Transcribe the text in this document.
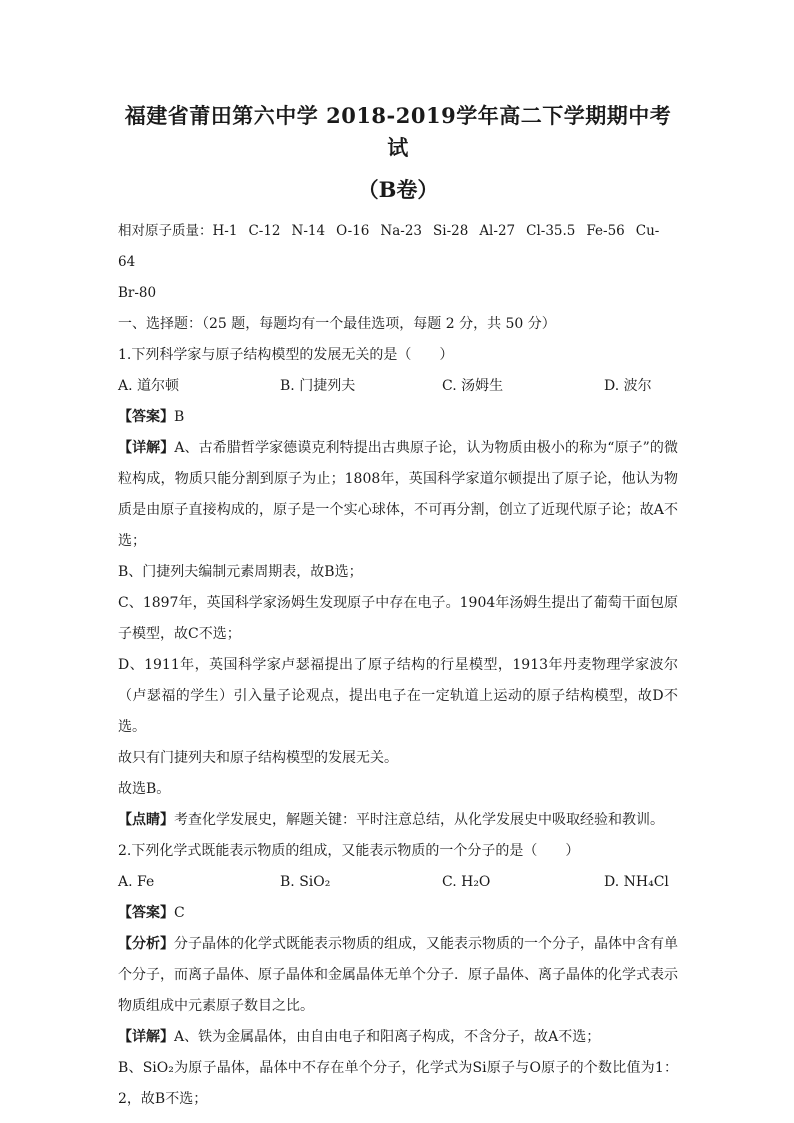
福建省莆田第六中学 2018-2019学年高二下学期期中考试
（B卷）
相对原子质量：H-1 C-12 N-14 O-16 Na-23 Si-28 Al-27 Cl-35.5 Fe-56 Cu-64
Br-80

一、选择题：（25 题，每题均有一个最佳选项，每题 2 分，共 50 分）

1.下列科学家与原子结构模型的发展无关的是（　　）

A. 道尔顿	B. 门捷列夫	C. 汤姆生	D. 波尔

【答案】B

【详解】A、古希腊哲学家德谟克利特提出古典原子论，认为物质由极小的称为“原子”的微粒构成，物质只能分割到原子为止；1808年，英国科学家道尔顿提出了原子论，他认为物质是由原子直接构成的，原子是一个实心球体，不可再分割，创立了近现代原子论；故A不选；

B、门捷列夫编制元素周期表，故B选；

C、1897年，英国科学家汤姆生发现原子中存在电子。1904年汤姆生提出了葡萄干面包原子模型，故C不选；

D、1911年，英国科学家卢瑟福提出了原子结构的行星模型，1913年丹麦物理学家波尔（卢瑟福的学生）引入量子论观点，提出电子在一定轨道上运动的原子结构模型，故D不选。

故只有门捷列夫和原子结构模型的发展无关。

故选B。

【点睛】考查化学发展史，解题关键：平时注意总结，从化学发展史中吸取经验和教训。

2.下列化学式既能表示物质的组成，又能表示物质的一个分子的是（　　）

A. Fe	B. SiO₂	C. H₂O	D. NH₄Cl

【答案】C

【分析】分子晶体的化学式既能表示物质的组成，又能表示物质的一个分子，晶体中含有单个分子，而离子晶体、原子晶体和金属晶体无单个分子．原子晶体、离子晶体的化学式表示物质组成中元素原子数目之比。

【详解】A、铁为金属晶体，由自由电子和阳离子构成，不含分子，故A不选；

B、SiO₂为原子晶体，晶体中不存在单个分子，化学式为Si原子与O原子的个数比值为1：2，故B不选；
